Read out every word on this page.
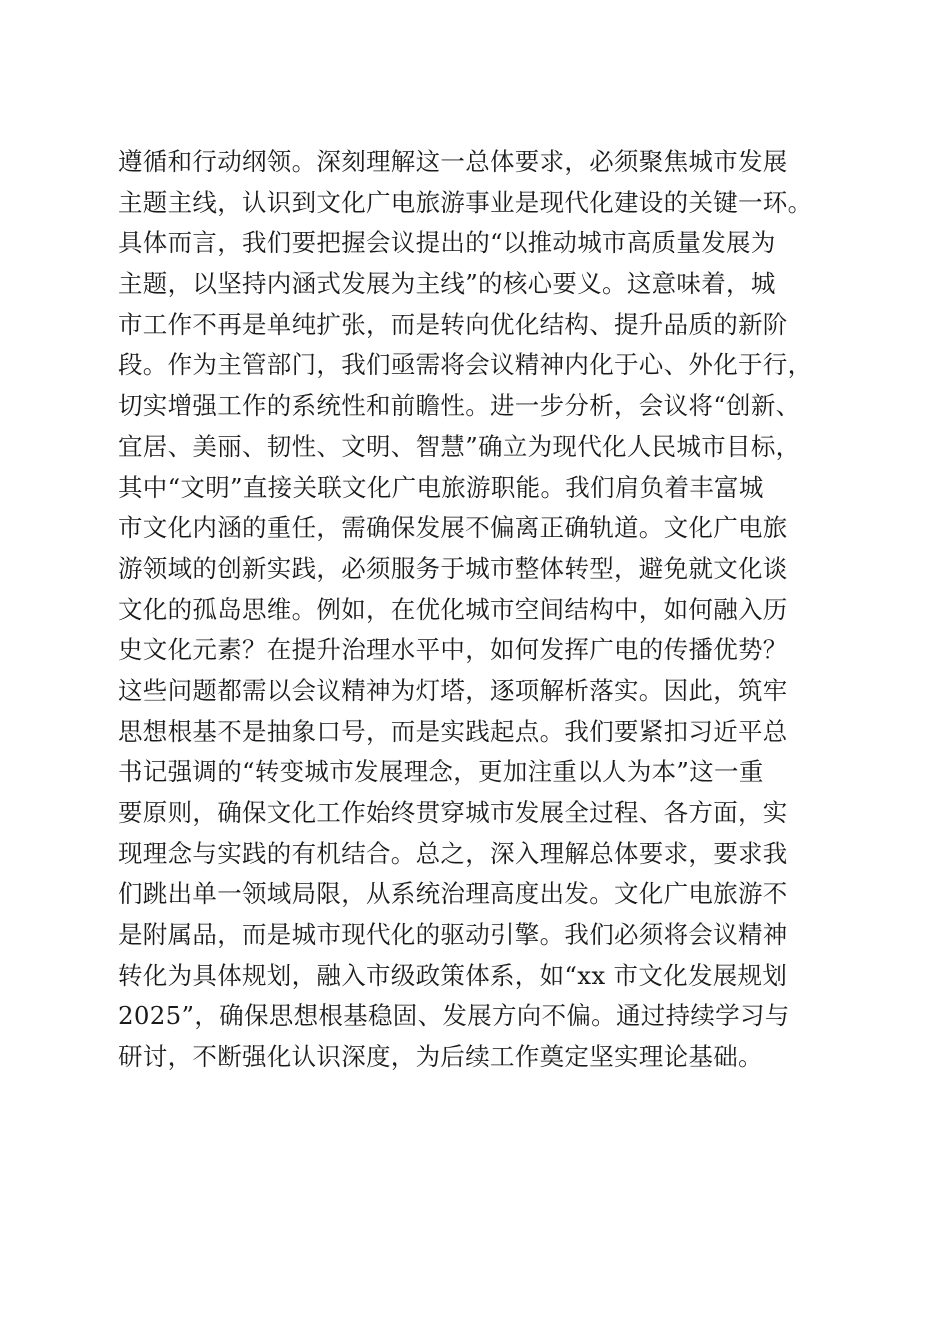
遵循和行动纲领。深刻理解这一总体要求，必须聚焦城市发展
主题主线，认识到文化广电旅游事业是现代化建设的关键一环。
具体而言，我们要把握会议提出的“以推动城市高质量发展为
主题，以坚持内涵式发展为主线”的核心要义。这意味着，城
市工作不再是单纯扩张，而是转向优化结构、提升品质的新阶
段。作为主管部门，我们亟需将会议精神内化于心、外化于行，
切实增强工作的系统性和前瞻性。进一步分析，会议将“创新、
宜居、美丽、韧性、文明、智慧”确立为现代化人民城市目标，
其中“文明”直接关联文化广电旅游职能。我们肩负着丰富城
市文化内涵的重任，需确保发展不偏离正确轨道。文化广电旅
游领域的创新实践，必须服务于城市整体转型，避免就文化谈
文化的孤岛思维。例如，在优化城市空间结构中，如何融入历
史文化元素？在提升治理水平中，如何发挥广电的传播优势？
这些问题都需以会议精神为灯塔，逐项解析落实。因此，筑牢
思想根基不是抽象口号，而是实践起点。我们要紧扣习近平总
书记强调的“转变城市发展理念，更加注重以人为本”这一重
要原则，确保文化工作始终贯穿城市发展全过程、各方面，实
现理念与实践的有机结合。总之，深入理解总体要求，要求我
们跳出单一领域局限，从系统治理高度出发。文化广电旅游不
是附属品，而是城市现代化的驱动引擎。我们必须将会议精神
转化为具体规划，融入市级政策体系，如“xx 市文化发展规划
2025”，确保思想根基稳固、发展方向不偏。通过持续学习与
研讨，不断强化认识深度，为后续工作奠定坚实理论基础。
